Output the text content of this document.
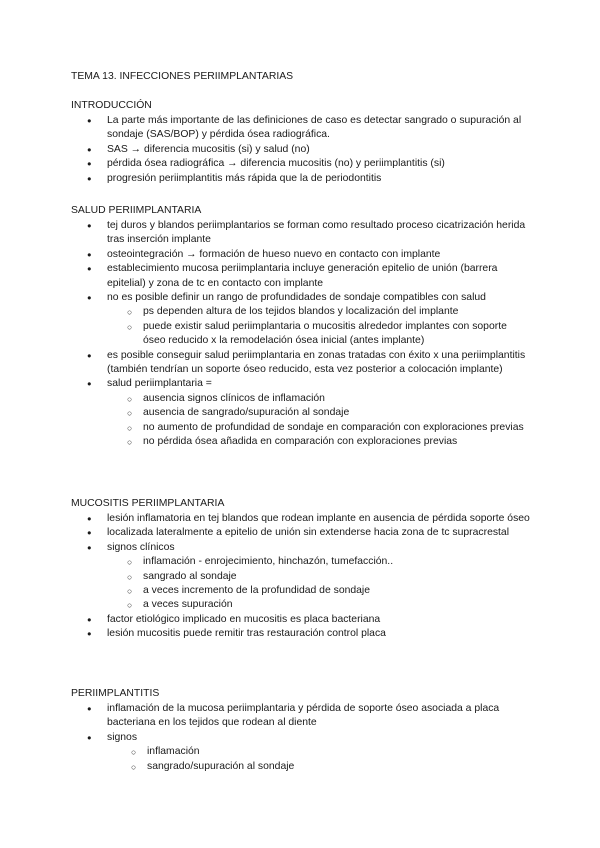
TEMA 13. INFECCIONES PERIIMPLANTARIAS
INTRODUCCIÓN
● La parte más importante de las definiciones de caso es detectar sangrado o supuración al sondaje (SAS/BOP) y pérdida ósea radiográfica.
● SAS → diferencia mucositis (si) y salud (no)
● pérdida ósea radiográfica → diferencia mucositis (no) y periimplantitis (si)
● progresión periimplantitis más rápida que la de periodontitis
SALUD PERIIMPLANTARIA
● tej duros y blandos periimplantarios se forman como resultado proceso cicatrización herida tras inserción implante
● osteointegración → formación de hueso nuevo en contacto con implante
● establecimiento mucosa periimplantaria incluye generación epitelio de unión (barrera epitelial) y zona de tc en contacto con implante
● no es posible definir un rango de profundidades de sondaje compatibles con salud
○ ps dependen altura de los tejidos blandos y localización del implante
○ puede existir salud periimplantaria o mucositis alrededor implantes con soporte óseo reducido x la remodelación ósea inicial (antes implante)
● es posible conseguir salud periimplantaria en zonas tratadas con éxito x una periimplantitis (también tendrían un soporte óseo reducido, esta vez posterior a colocación implante)
● salud periimplantaria =
○ ausencia signos clínicos de inflamación
○ ausencia de sangrado/supuración al sondaje
○ no aumento de profundidad de sondaje en comparación con exploraciones previas
○ no pérdida ósea añadida en comparación con exploraciones previas
MUCOSITIS PERIIMPLANTARIA
● lesión inflamatoria en tej blandos que rodean implante en ausencia de pérdida soporte óseo
● localizada lateralmente a epitelio de unión sin extenderse hacia zona de tc supracrestal
● signos clínicos
○ inflamación - enrojecimiento, hinchazón, tumefacción..
○ sangrado al sondaje
○ a veces incremento de la profundidad de sondaje
○ a veces supuración
● factor etiológico implicado en mucositis es placa bacteriana
● lesión mucositis puede remitir tras restauración control placa
PERIIMPLANTITIS
● inflamación de la mucosa periimplantaria y pérdida de soporte óseo asociada a placa bacteriana en los tejidos que rodean al diente
● signos
○ inflamación
○ sangrado/supuración al sondaje
